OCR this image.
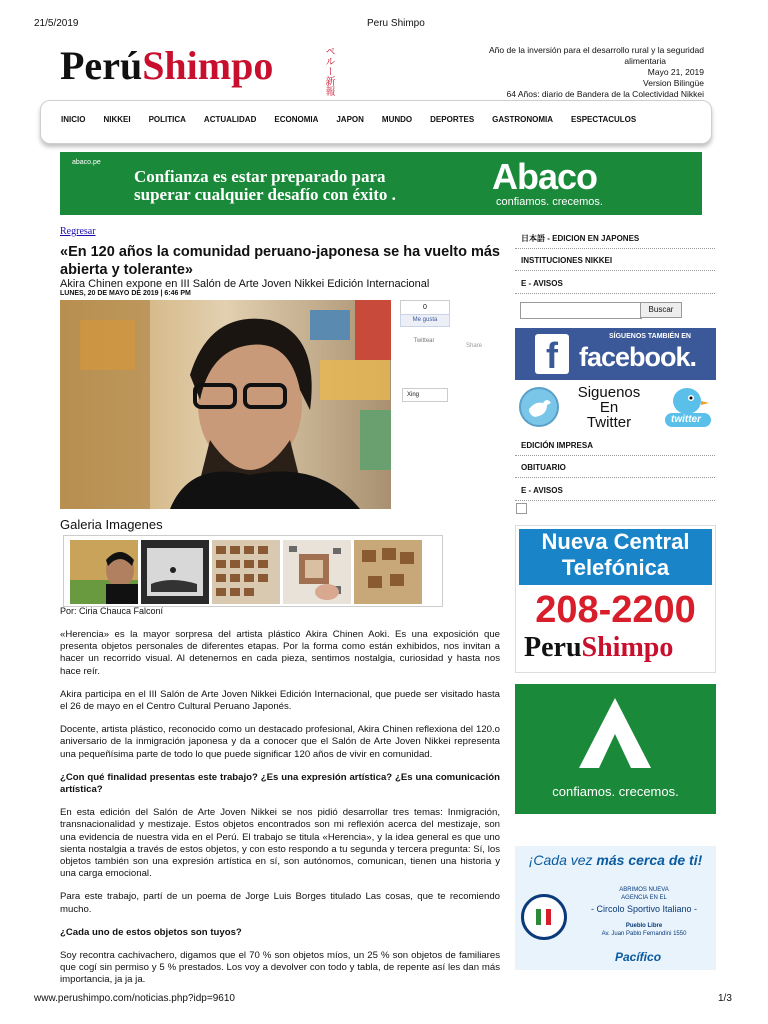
21/5/2019	Peru Shimpo
PerúShimpo	ペルー新報	Año de la inversión para el desarrollo rural y la seguridad
alimentaria
Mayo 21, 2019
Version Bilingüe
64 Años: diario de Bandera de la Colectividad Nikkei
INICIO NIKKEI POLITICA ACTUALIDAD ECONOMIA JAPON MUNDO DEPORTES GASTRONOMIA ESPECTACULOS
abaco.pe
Confianza es estar preparado para
superar cualquier desafío con éxito .	Abaco
confiamos. crecemos.
Regresar
«En 120 años la comunidad peruano-japonesa se ha vuelto más abierta y tolerante»
Akira Chinen expone en III Salón de Arte Joven Nikkei Edición Internacional
LUNES, 20 DE MAYO DE 2019 | 6:46 PM
0
Me gusta
Twittear
Share
Xing
Galeria Imagenes
Por: Ciria Chauca Falconí

«Herencia» es la mayor sorpresa del artista plástico Akira Chinen Aoki. Es una exposición que presenta objetos personales de diferentes etapas. Por la forma como están exhibidos, nos invitan a hacer un recorrido visual. Al detenernos en cada pieza, sentimos nostalgia, curiosidad y hasta nos hace reír.

Akira participa en el III Salón de Arte Joven Nikkei Edición Internacional, que puede ser visitado hasta el 26 de mayo en el Centro Cultural Peruano Japonés.

Docente, artista plástico, reconocido como un destacado profesional, Akira Chinen reflexiona del 120.o aniversario de la inmigración japonesa y da a conocer que el Salón de Arte Joven Nikkei representa una pequeñísima parte de todo lo que puede significar 120 años de vivir en comunidad.

¿Con qué finalidad presentas este trabajo? ¿Es una expresión artística? ¿Es una comunicación artística?

En esta edición del Salón de Arte Joven Nikkei se nos pidió desarrollar tres temas: Inmigración, transnacionalidad y mestizaje. Estos objetos encontrados son mi reflexión acerca del mestizaje, son una evidencia de nuestra vida en el Perú. El trabajo se titula «Herencia», y la idea general es que uno sienta nostalgia a través de estos objetos, y con esto respondo a tu segunda y tercera pregunta: Sí, los objetos también son una expresión artística en sí, son autónomos, comunican, tienen una historia y una carga emocional.

Para este trabajo, partí de un poema de Jorge Luis Borges titulado Las cosas, que te recomiendo mucho.

¿Cada uno de estos objetos son tuyos?

Soy recontra cachivachero, digamos que el 70 % son objetos míos, un 25 % son objetos de familiares que cogí sin permiso y 5 % prestados. Los voy a devolver con todo y tabla, de repente así les dan más importancia, ja ja ja.

日本語 - EDICION EN JAPONES
INSTITUCIONES NIKKEI
E - AVISOS
Buscar
f	SÍGUENOS TAMBIÉN EN
facebook.
Siguenos
En
Twitter	twitter
EDICIÓN IMPRESA
OBITUARIO
E - AVISOS
Nueva Central
Telefónica
208-2200
PeruShimpo
confiamos. crecemos.
¡Cada vez más cerca de ti!
ABRIMOS NUEVA
AGENCIA EN EL
- Circolo Sportivo Italiano -
Pueblo Libre
Av. Juan Pablo Fernandini 1550
Pacífico
www.perushimpo.com/noticias.php?idp=9610	1/3
